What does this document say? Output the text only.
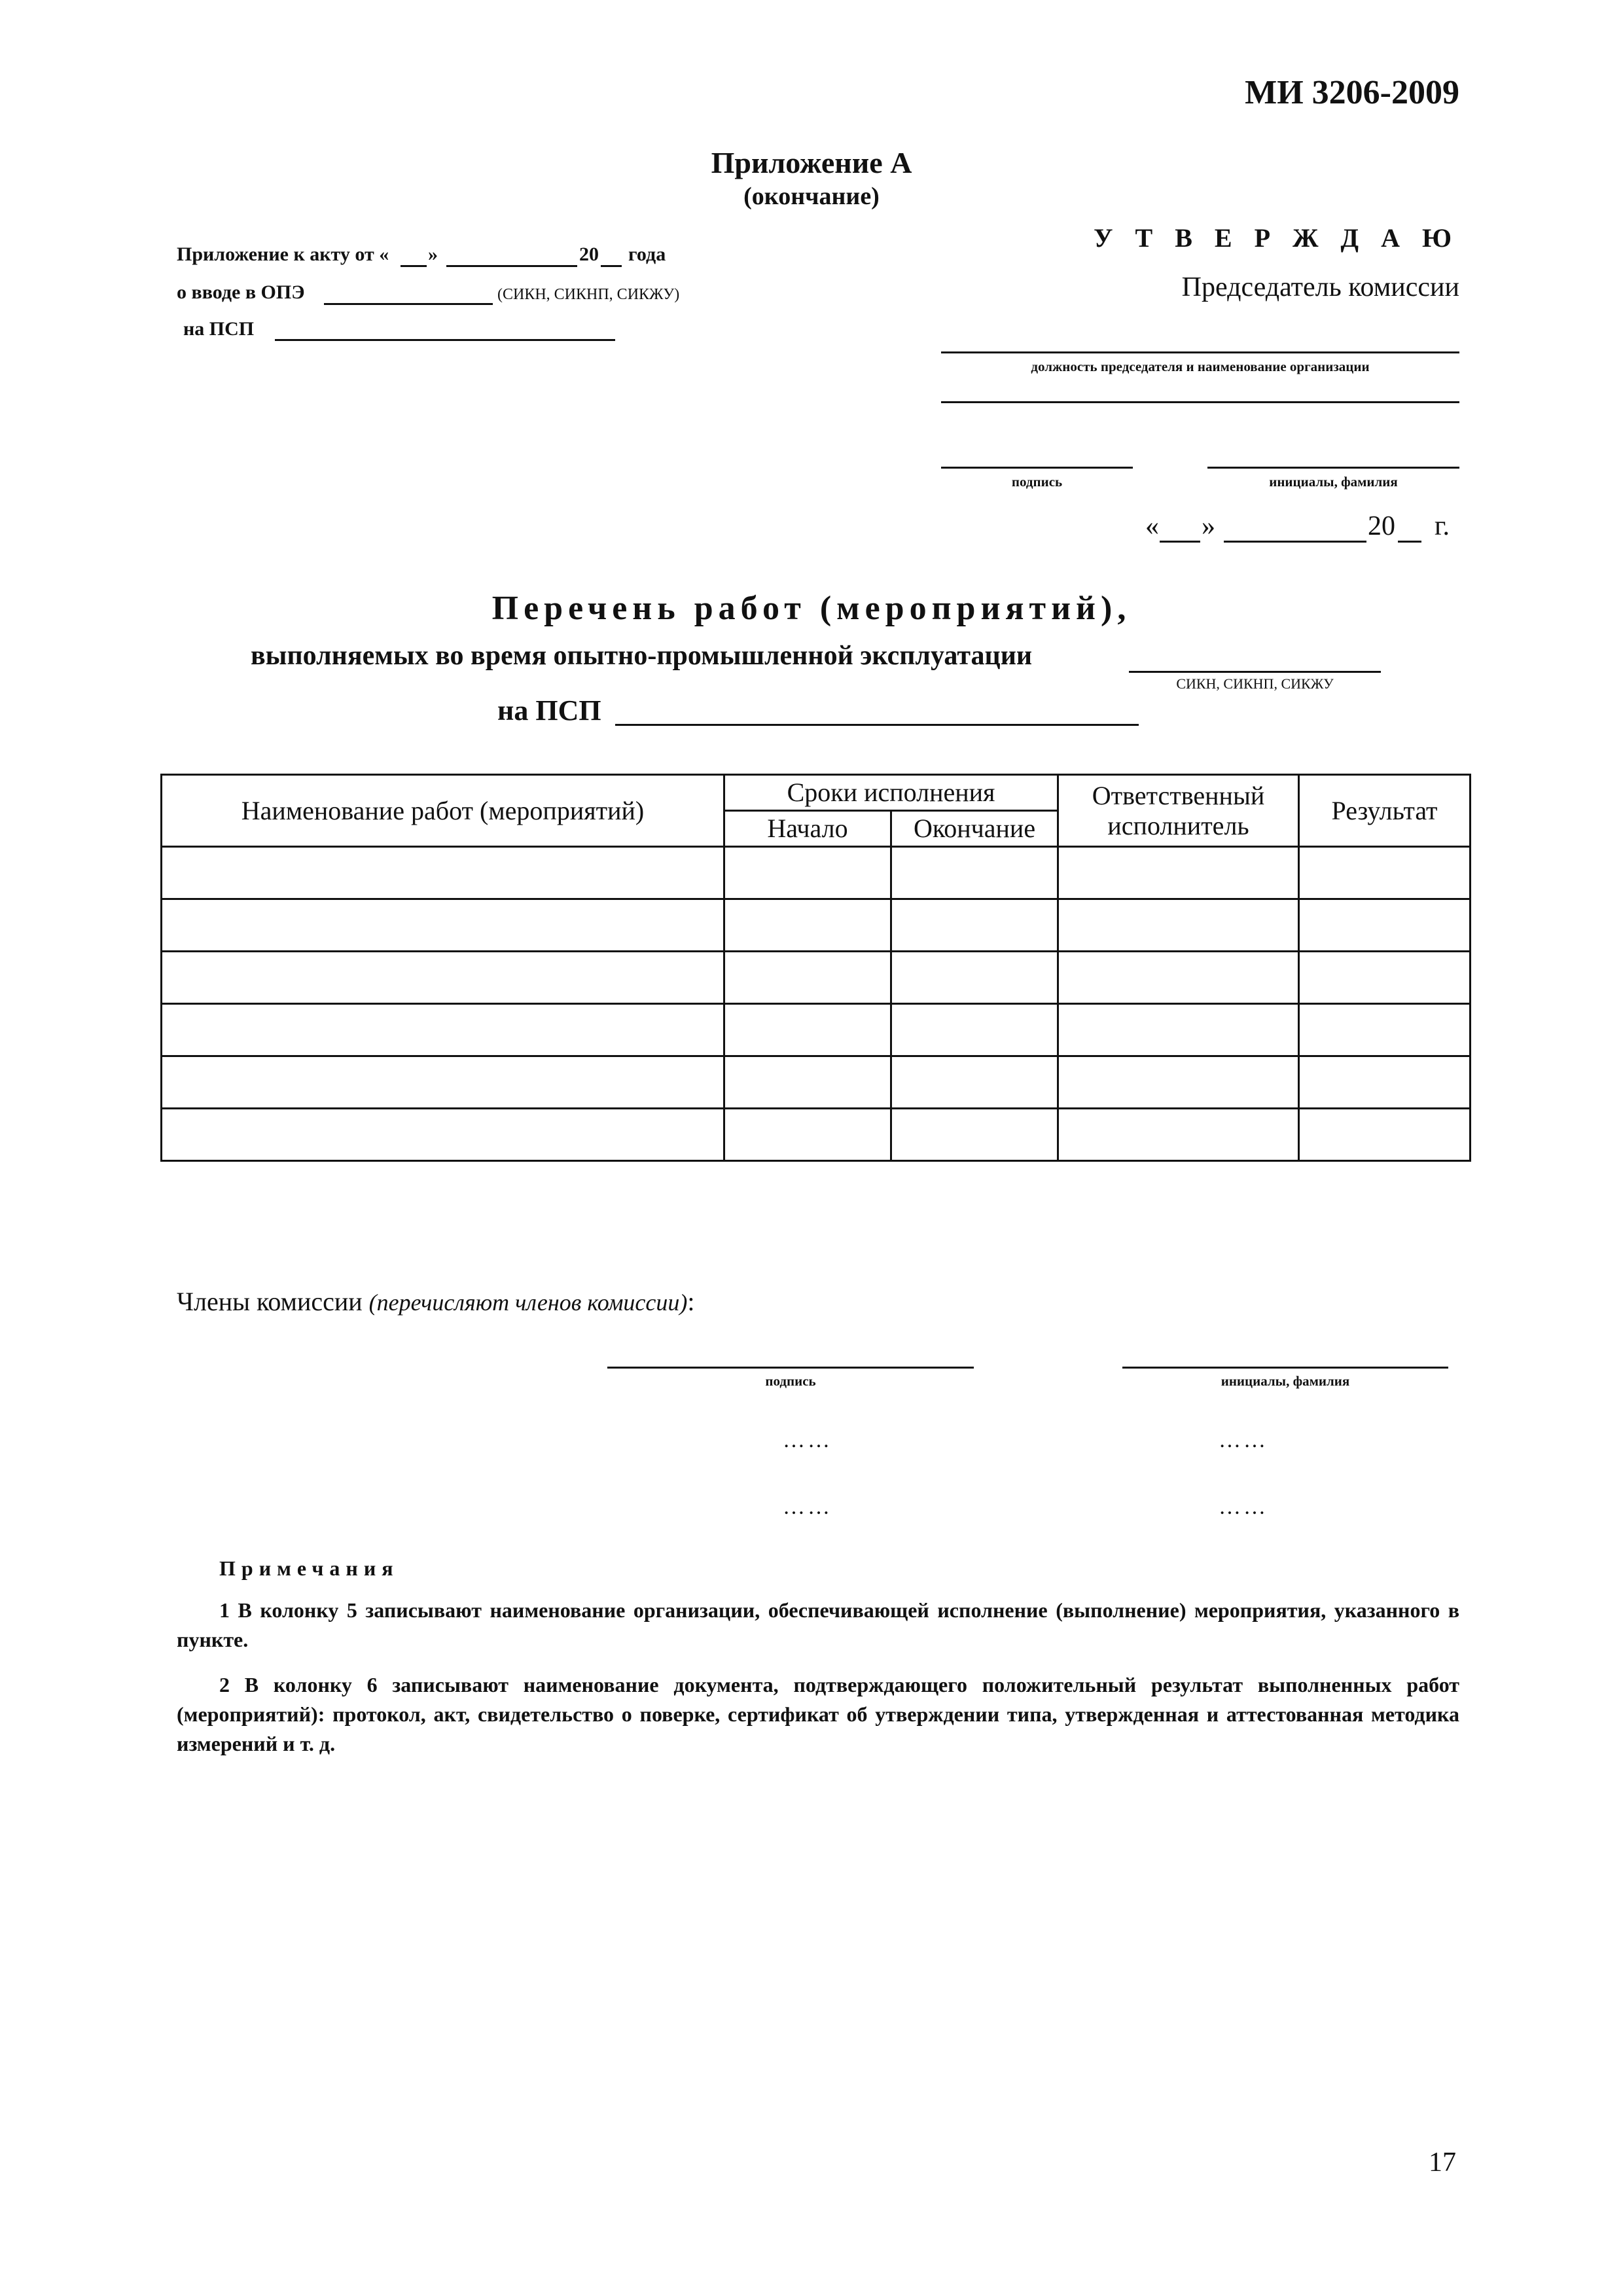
МИ 3206-2009
Приложение А
(окончание)
Приложение к акту от « »	20 года
о вводе в ОПЭ	(СИКН, СИКНП, СИКЖУ)
на ПСП
У Т В Е Р Ж Д А Ю
Председатель комиссии
должность председателя и наименование организации
подпись	инициалы, фамилия
« »	20 г.
Перечень работ (мероприятий),
выполняемых во время опытно-промышленной эксплуатации
СИКН, СИКНП, СИКЖУ
на ПСП
Наименование работ (мероприятий)	Сроки исполнения		Ответственный исполнитель	Результат
	Начало	Окончание		

Члены комиссии (перечисляют членов комиссии):
подпись	инициалы, фамилия
……	……
……	……
Примечания
1 В колонку 5 записывают наименование организации, обеспечивающей исполнение (выполнение) мероприятия, указанного в пункте.
2 В колонку 6 записывают наименование документа, подтверждающего положительный результат выполненных работ (мероприятий): протокол, акт, свидетельство о поверке, сертификат об утверждении типа, утвержденная и аттестованная методика измерений и т. д.
17
